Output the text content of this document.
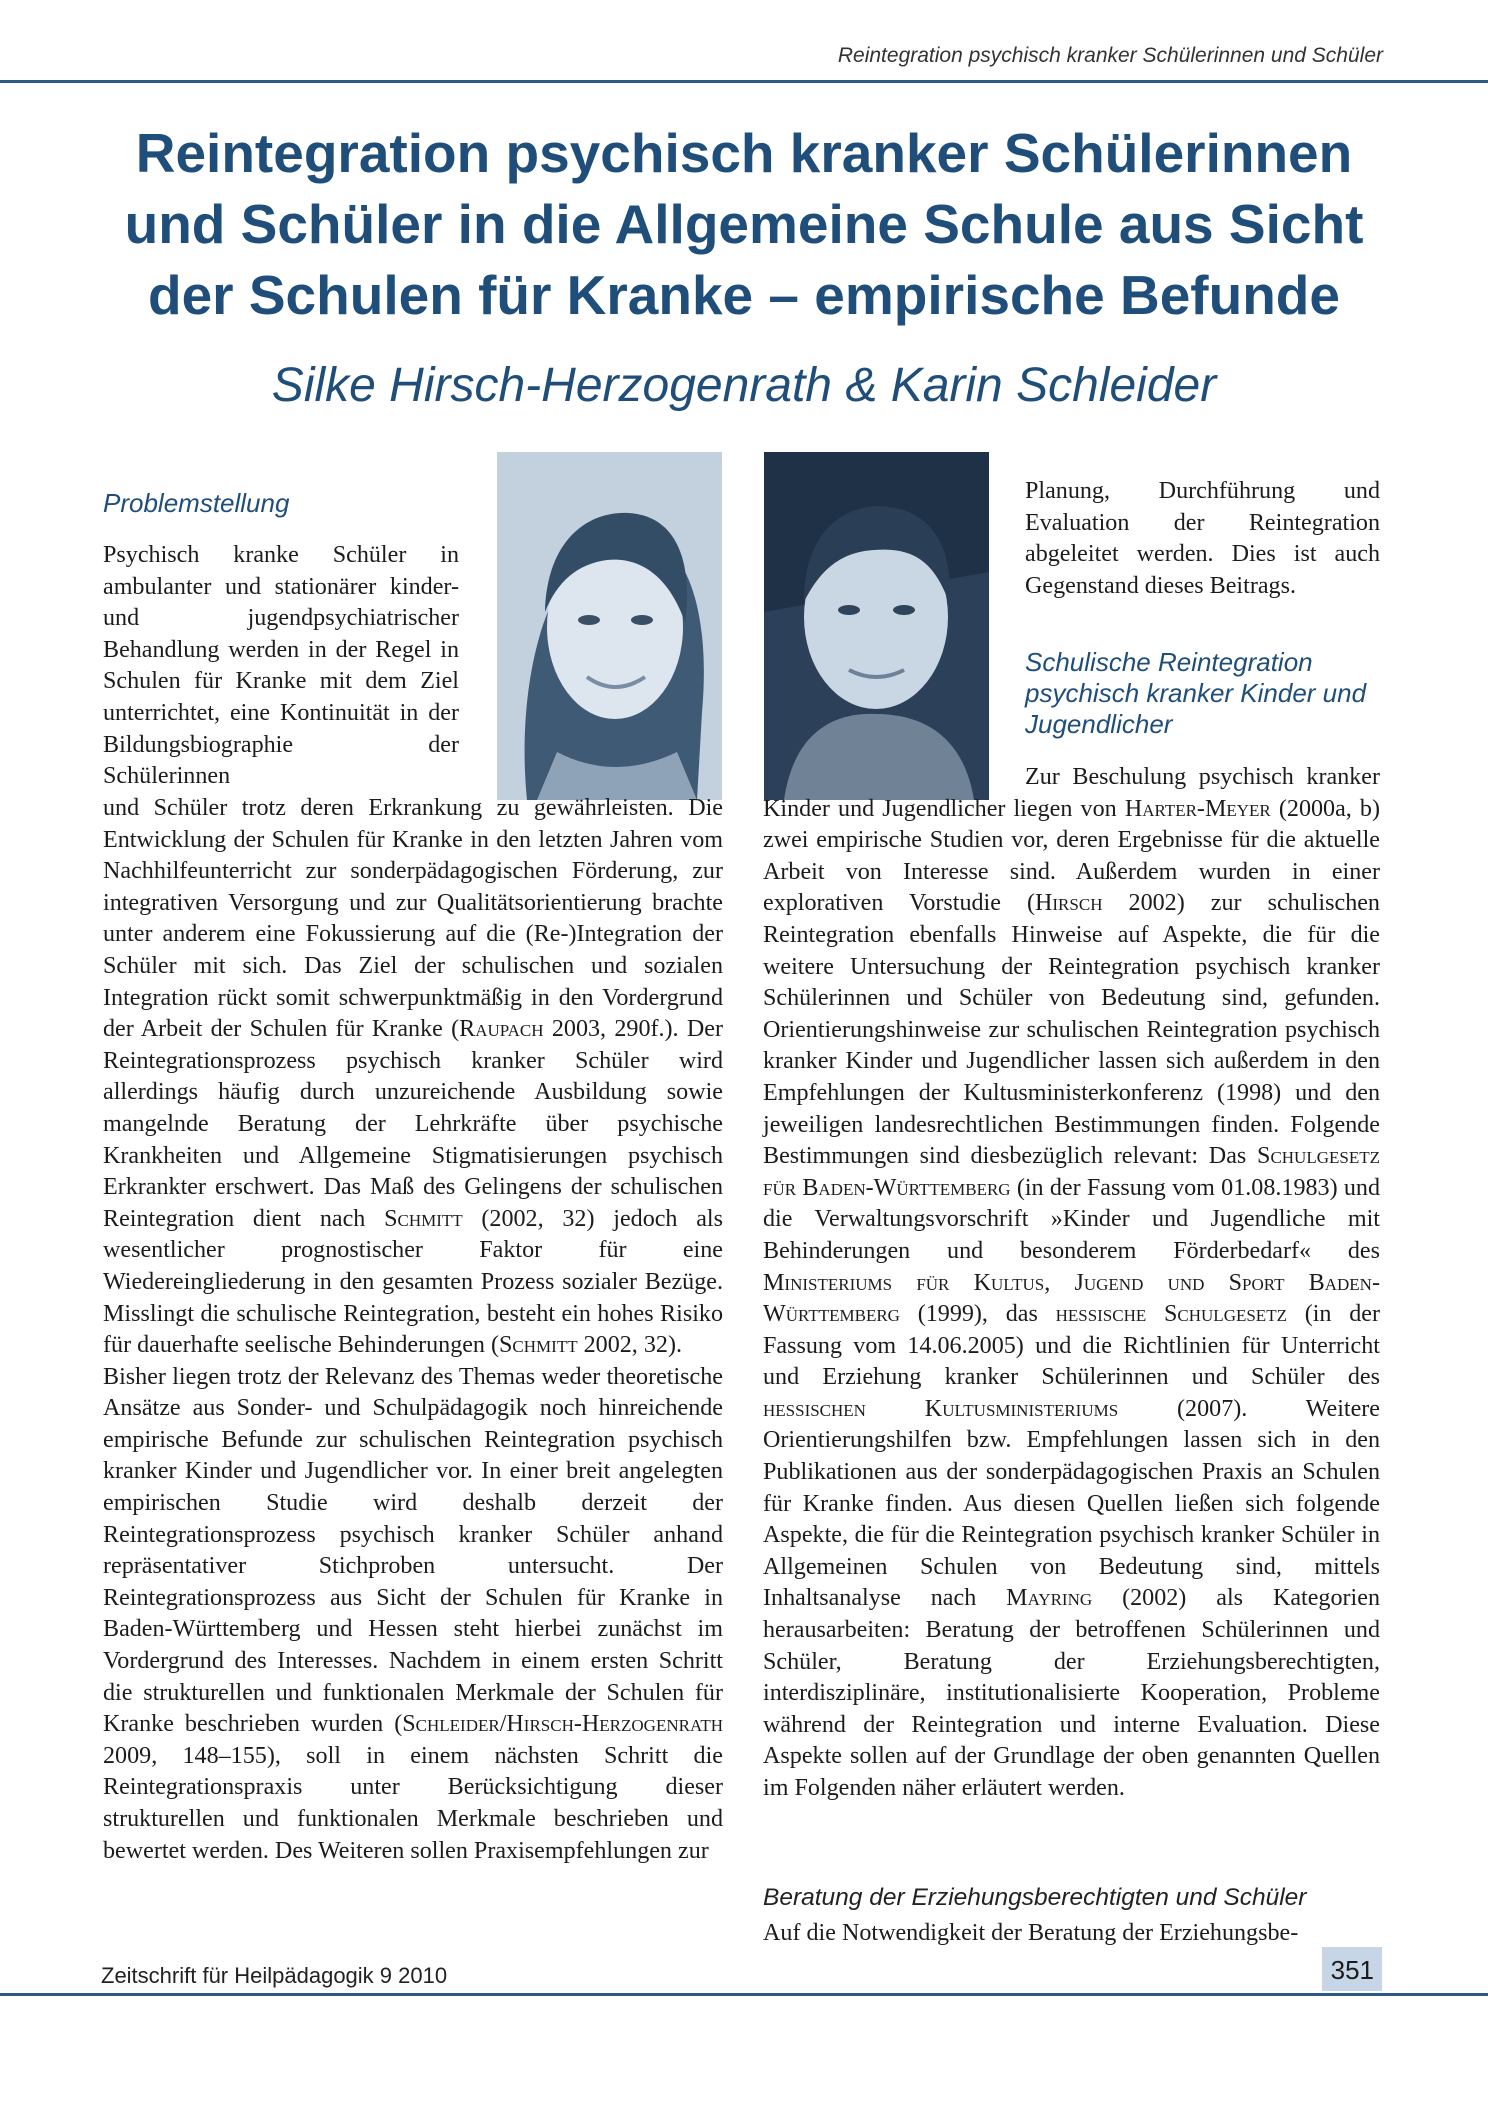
Reintegration psychisch kranker Schülerinnen und Schüler
Reintegration psychisch kranker Schülerinnen
und Schüler in die Allgemeine Schule aus Sicht
der Schulen für Kranke – empirische Befunde
Silke Hirsch-Herzogenrath & Karin Schleider
Problemstellung

Psychisch kranke Schüler in ambulanter und stationärer kinder- und jugendpsychiatrischer Behandlung werden in der Regel in Schulen für Kranke mit dem Ziel unterrichtet, eine Kontinuität in der Bildungsbiographie der Schülerinnen

und Schüler trotz deren Erkrankung zu gewährleisten. Die Entwicklung der Schulen für Kranke in den letzten Jahren vom Nachhilfeunterricht zur sonderpädagogischen Förderung, zur integrativen Versorgung und zur Qualitätsorientierung brachte unter anderem eine Fokussierung auf die (Re-)Integration der Schüler mit sich. Das Ziel der schulischen und sozialen Integration rückt somit schwerpunktmäßig in den Vordergrund der Arbeit der Schulen für Kranke (Raupach 2003, 290f.). Der Reintegrationsprozess psychisch kranker Schüler wird allerdings häufig durch unzureichende Ausbildung sowie mangelnde Beratung der Lehrkräfte über psychische Krankheiten und Allgemeine Stigmatisierungen psychisch Erkrankter erschwert. Das Maß des Gelingens der schulischen Reintegration dient nach Schmitt (2002, 32) jedoch als wesentlicher prognostischer Faktor für eine Wiedereingliederung in den gesamten Prozess sozialer Bezüge. Misslingt die schulische Reintegration, besteht ein hohes Risiko für dauerhafte seelische Behinderungen (Schmitt 2002, 32).

Bisher liegen trotz der Relevanz des Themas weder theoretische Ansätze aus Sonder- und Schulpädagogik noch hinreichende empirische Befunde zur schulischen Reintegration psychisch kranker Kinder und Jugendlicher vor. In einer breit angelegten empirischen Studie wird deshalb derzeit der Reintegrationsprozess psychisch kranker Schüler anhand repräsentativer Stichproben untersucht. Der Reintegrationsprozess aus Sicht der Schulen für Kranke in Baden-Württemberg und Hessen steht hierbei zunächst im Vordergrund des Interesses. Nachdem in einem ersten Schritt die strukturellen und funktionalen Merkmale der Schulen für Kranke beschrieben wurden (Schleider/Hirsch-Herzogenrath 2009, 148–155), soll in einem nächsten Schritt die Reintegrationspraxis unter Berücksichtigung dieser strukturellen und funktionalen Merkmale beschrieben und bewertet werden. Des Weiteren sollen Praxisempfehlungen zur

Planung, Durchführung und Evaluation der Reintegration abgeleitet werden. Dies ist auch Gegenstand dieses Beitrags.

Schulische Reintegration
psychisch kranker Kinder und
Jugendlicher

Zur Beschulung psychisch kranker Kinder und Jugendlicher liegen von Harter-Meyer (2000a, b) zwei empirische Studien vor, deren Ergebnisse für die aktuelle Arbeit von Interesse sind. Außerdem wurden in einer explorativen Vorstudie (Hirsch 2002) zur schulischen Reintegration ebenfalls Hinweise auf Aspekte, die für die weitere Untersuchung der Reintegration psychisch kranker Schülerinnen und Schüler von Bedeutung sind, gefunden. Orientierungshinweise zur schulischen Reintegration psychisch kranker Kinder und Jugendlicher lassen sich außerdem in den Empfehlungen der Kultusministerkonferenz (1998) und den jeweiligen landesrechtlichen Bestimmungen finden. Folgende Bestimmungen sind diesbezüglich relevant: Das Schulgesetz für Baden-Württemberg (in der Fassung vom 01.08.1983) und die Verwaltungsvorschrift »Kinder und Jugendliche mit Behinderungen und besonderem Förderbedarf« des Ministeriums für Kultus, Jugend und Sport Baden-Württemberg (1999), das hessische Schulgesetz (in der Fassung vom 14.06.2005) und die Richtlinien für Unterricht und Erziehung kranker Schülerinnen und Schüler des hessischen Kultusministeriums (2007). Weitere Orientierungshilfen bzw. Empfehlungen lassen sich in den Publikationen aus der sonderpädagogischen Praxis an Schulen für Kranke finden. Aus diesen Quellen ließen sich folgende Aspekte, die für die Reintegration psychisch kranker Schüler in Allgemeinen Schulen von Bedeutung sind, mittels Inhaltsanalyse nach Mayring (2002) als Kategorien herausarbeiten: Beratung der betroffenen Schülerinnen und Schüler, Beratung der Erziehungsberechtigten, interdisziplinäre, institutionalisierte Kooperation, Probleme während der Reintegration und interne Evaluation. Diese Aspekte sollen auf der Grundlage der oben genannten Quellen im Folgenden näher erläutert werden.

Beratung der Erziehungsberechtigten und Schüler

Auf die Notwendigkeit der Beratung der Erziehungsbe-

Zeitschrift für Heilpädagogik 9 2010	351
